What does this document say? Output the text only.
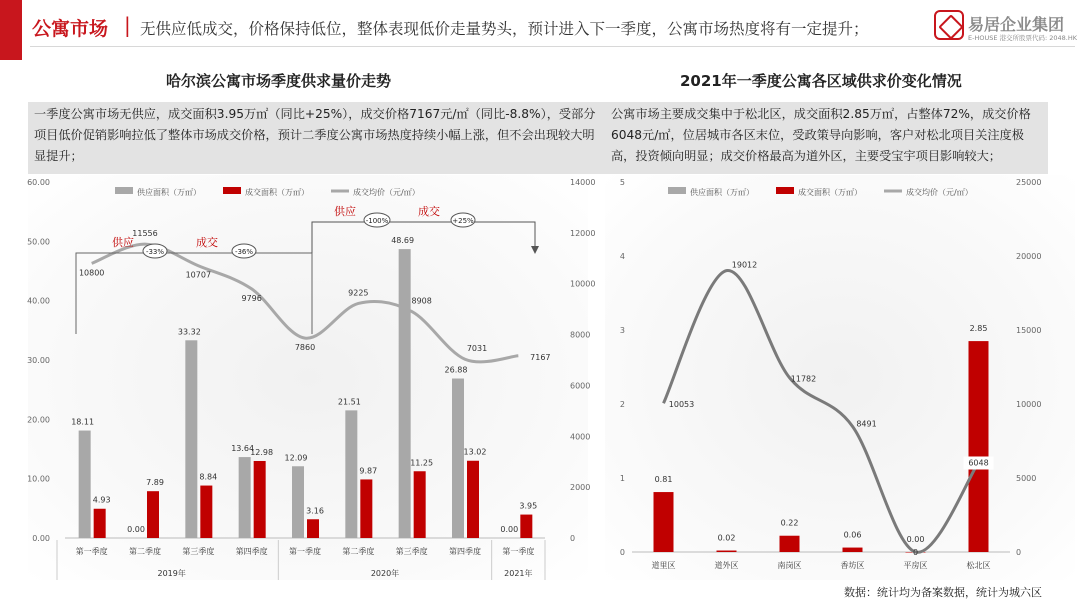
公寓市场 | 无供应低成交，价格保持低位，整体表现低价走量势头，预计进入下一季度，公寓市场热度将有一定提升；	易居企业集团
E-HOUSE 港交所股票代码: 2048.HK
哈尔滨公寓市场季度供求量价走势	2021年一季度公寓各区域供求价变化情况
一季度公寓市场无供应，成交面积3.95万㎡（同比+25%），成交价格7167元/㎡（同比-8.8%），受部分项目低价促销影响拉低了整体市场成交价格，预计二季度公寓市场热度持续小幅上涨，但不会出现较大明显提升；
公寓市场主要成交集中于松北区，成交面积2.85万㎡，占整体72%，成交价格6048元/㎡，位居城市各区末位，受政策导向影响，客户对松北项目关注度极高，投资倾向明显；成交价格最高为道外区，主要受宝宇项目影响较大；
0.00
10.00
20.00
30.00
40.00
50.00
60.00
0
2000
4000
6000
8000
10000
12000
14000
18.11
4.93
第一季度
0.00
7.89
第二季度
33.32
8.84
第三季度
13.64
12.98
第四季度
12.09
3.16
第一季度
21.51
9.87
第二季度
48.69
11.25
第三季度
26.88
13.02
第四季度
0.00
3.95
第一季度
2019年	2020年	2021年
10800
11556
10707
9796
7860
9225
8908
7031
7167
供应面积（万㎡）	成交面积（万㎡）	成交均价（元/㎡）
供应
-33%
成交
-36%
供应
-100%
成交
+25%
0
1
2
3
4
5
0
5000
10000
15000
20000
25000
0.81
道里区
0.02
道外区
0.22
南岗区
0.06
香坊区
0.00
平房区
2.85
松北区
10053
19012
11782
8491
0
6048
供应面积（万㎡）	成交面积（万㎡）	成交均价（元/㎡）
数据：统计均为备案数据，统计为城六区
